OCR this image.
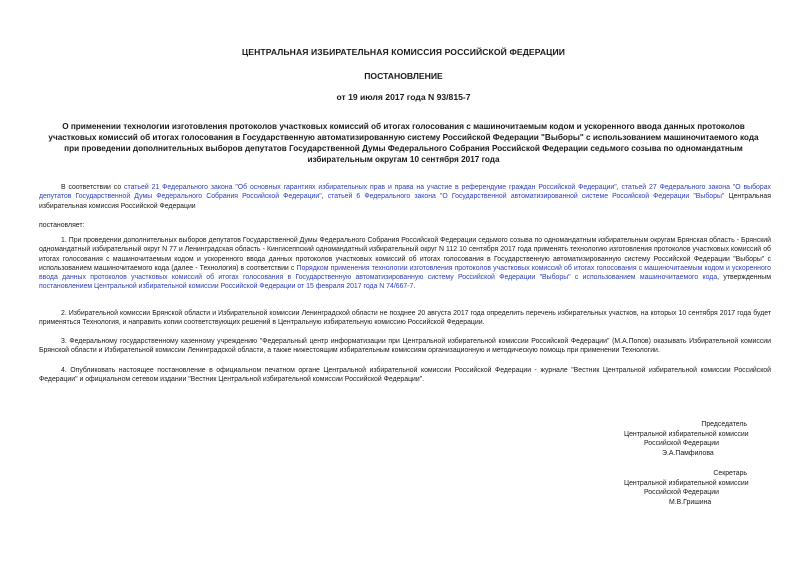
ЦЕНТРАЛЬНАЯ ИЗБИРАТЕЛЬНАЯ КОМИССИЯ РОССИЙСКОЙ ФЕДЕРАЦИИ
ПОСТАНОВЛЕНИЕ
от 19 июля 2017 года N 93/815-7
О применении технологии изготовления протоколов участковых комиссий об итогах голосования с машиночитаемым кодом и ускоренного ввода данных протоколов участковых комиссий об итогах голосования в Государственную автоматизированную систему Российской Федерации "Выборы" с использованием машиночитаемого кода при проведении дополнительных выборов депутатов Государственной Думы Федерального Собрания Российской Федерации седьмого созыва по одномандатным избирательным округам 10 сентября 2017 года
В соответствии со статьей 21 Федерального закона "Об основных гарантиях избирательных прав и права на участие в референдуме граждан Российской Федерации", статьей 27 Федерального закона "О выборах депутатов Государственной Думы Федерального Собрания Российской Федерации", статьей 6 Федерального закона "О Государственной автоматизированной системе Российской Федерации "Выборы" Центральная избирательная комиссия Российской Федерации
постановляет:
1. При проведении дополнительных выборов депутатов Государственной Думы Федерального Собрания Российской Федерации седьмого созыва по одномандатным избирательным округам Брянская область - Брянский одномандатный избирательный округ N 77 и Ленинградская область - Кингисеппский одномандатный избирательный округ N 112 10 сентября 2017 года применять технологию изготовления протоколов участковых комиссий об итогах голосования с машиночитаемым кодом и ускоренного ввода данных протоколов участковых комиссий об итогах голосования в Государственную автоматизированную систему Российской Федерации "Выборы" с использованием машиночитаемого кода (далее - Технология) в соответствии с Порядком применения технологии изготовления протоколов участковых комиссий об итогах голосования с машиночитаемым кодом и ускоренного ввода данных протоколов участковых комиссий об итогах голосования в Государственную автоматизированную систему Российской Федерации "Выборы" с использованием машиночитаемого кода, утвержденным постановлением Центральной избирательной комиссии Российской Федерации от 15 февраля 2017 года N 74/667-7.
2. Избирательной комиссии Брянской области и Избирательной комиссии Ленинградской области не позднее 20 августа 2017 года определить перечень избирательных участков, на которых 10 сентября 2017 года будет применяться Технология, и направить копии соответствующих решений в Центральную избирательную комиссию Российской Федерации.
3. Федеральному государственному казенному учреждению "Федеральный центр информатизации при Центральной избирательной комиссии Российской Федерации" (М.А.Попов) оказывать Избирательной комиссии Брянской области и Избирательной комиссии Ленинградской области, а также нижестоящим избирательным комиссиям организационную и методическую помощь при применении Технологии.
4. Опубликовать настоящее постановление в официальном печатном органе Центральной избирательной комиссии Российской Федерации - журнале "Вестник Центральной избирательной комиссии Российской Федерации" и официальном сетевом издании "Вестник Центральной избирательной комиссии Российской Федерации".
Председатель
Центральной избирательной комиссии
Российской Федерации
Э.А.Памфилова
Секретарь
Центральной избирательной комиссии
Российской Федерации
М.В.Гришина
